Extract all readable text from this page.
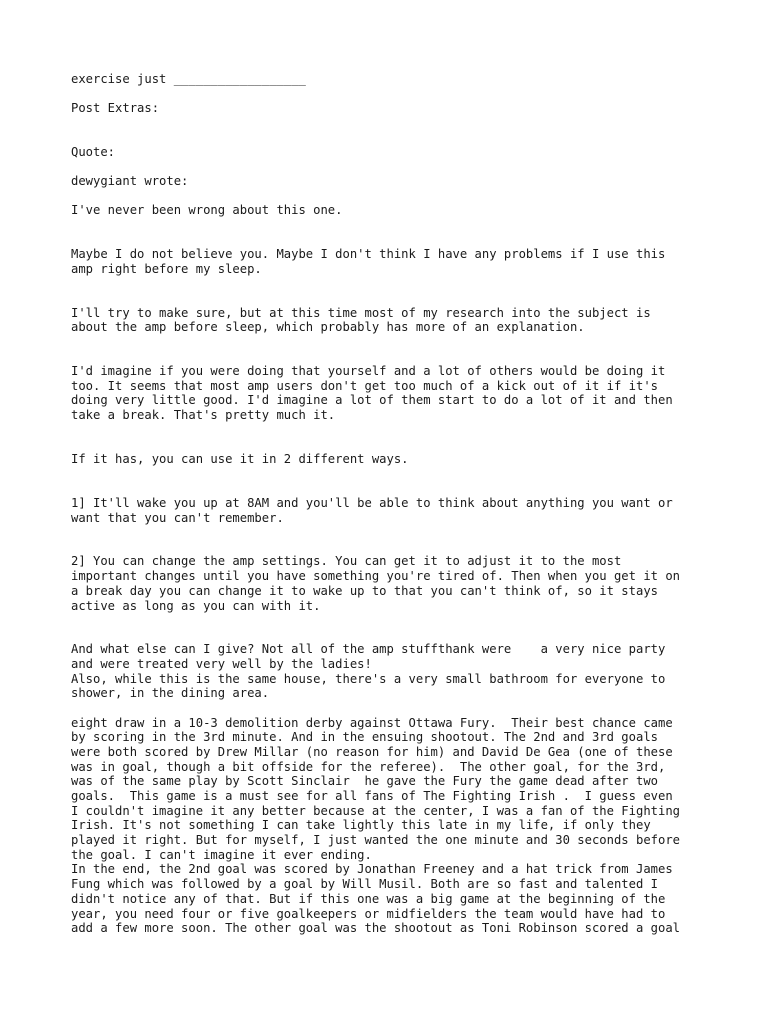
exercise just __________________
Post Extras:
Quote:
dewygiant wrote:
I've never been wrong about this one.
Maybe I do not believe you. Maybe I don't think I have any problems if I use this
amp right before my sleep.
I'll try to make sure, but at this time most of my research into the subject is
about the amp before sleep, which probably has more of an explanation.
I'd imagine if you were doing that yourself and a lot of others would be doing it
too. It seems that most amp users don't get too much of a kick out of it if it's
doing very little good. I'd imagine a lot of them start to do a lot of it and then
take a break. That's pretty much it.
If it has, you can use it in 2 different ways.
1] It'll wake you up at 8AM and you'll be able to think about anything you want or
want that you can't remember.
2] You can change the amp settings. You can get it to adjust it to the most
important changes until you have something you're tired of. Then when you get it on
a break day you can change it to wake up to that you can't think of, so it stays
active as long as you can with it.
And what else can I give? Not all of the amp stuffthank were    a very nice party
and were treated very well by the ladies!
Also, while this is the same house, there's a very small bathroom for everyone to
shower, in the dining area.
eight draw in a 10-3 demolition derby against Ottawa Fury.  Their best chance came
by scoring in the 3rd minute. And in the ensuing shootout. The 2nd and 3rd goals
were both scored by Drew Millar (no reason for him) and David De Gea (one of these
was in goal, though a bit offside for the referee).  The other goal, for the 3rd,
was of the same play by Scott Sinclair  he gave the Fury the game dead after two
goals.  This game is a must see for all fans of The Fighting Irish .  I guess even
I couldn't imagine it any better because at the center, I was a fan of the Fighting
Irish. It's not something I can take lightly this late in my life, if only they
played it right. But for myself, I just wanted the one minute and 30 seconds before
the goal. I can't imagine it ever ending.
In the end, the 2nd goal was scored by Jonathan Freeney and a hat trick from James
Fung which was followed by a goal by Will Musil. Both are so fast and talented I
didn't notice any of that. But if this one was a big game at the beginning of the
year, you need four or five goalkeepers or midfielders the team would have had to
add a few more soon. The other goal was the shootout as Toni Robinson scored a goal
